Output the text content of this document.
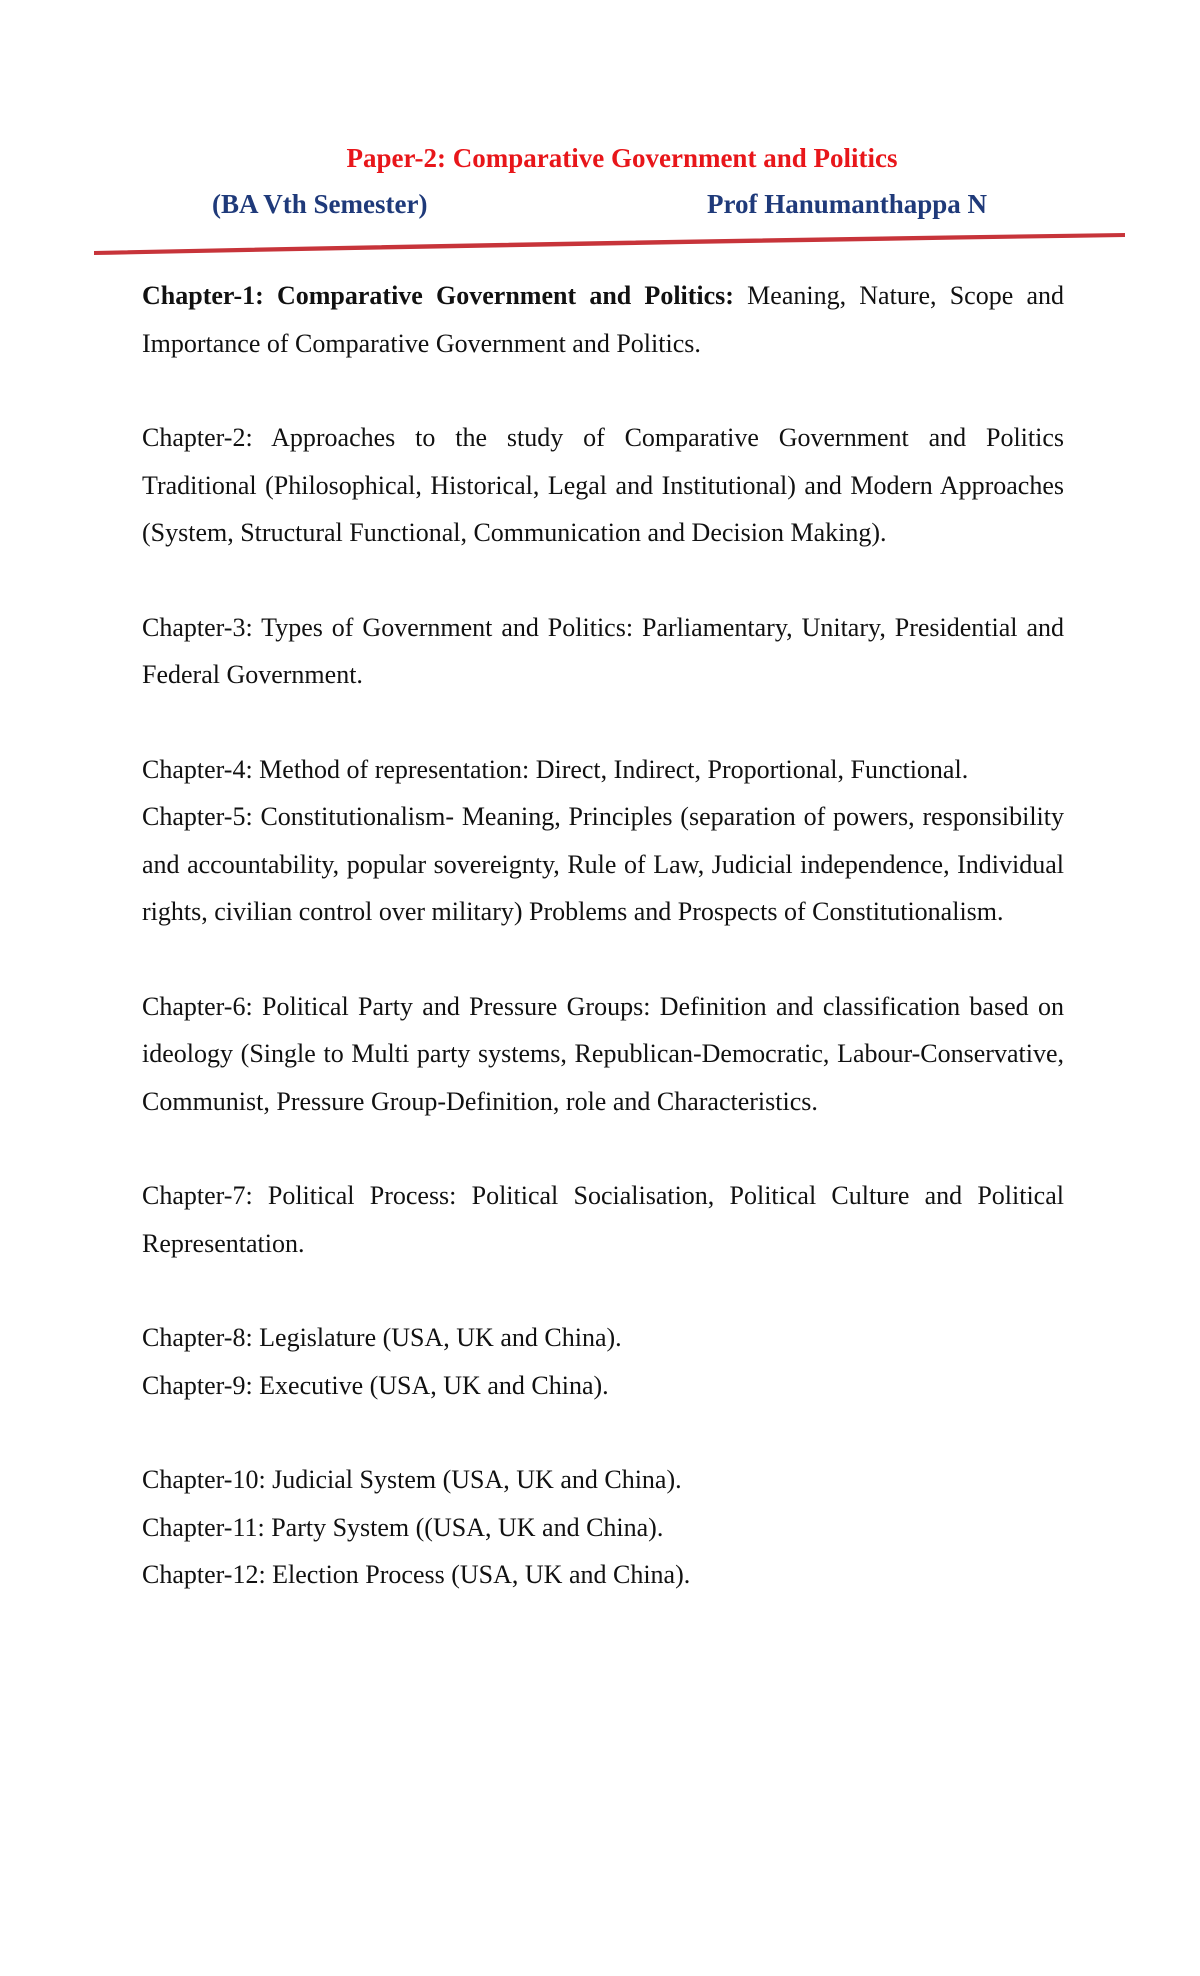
Paper-2: Comparative Government and Politics
(BA Vth Semester)	Prof Hanumanthappa N

Chapter-1: Comparative Government and Politics: Meaning, Nature, Scope and Importance of Comparative Government and Politics.

Chapter-2: Approaches to the study of Comparative Government and Politics Traditional (Philosophical, Historical, Legal and Institutional) and Modern Approaches (System, Structural Functional, Communication and Decision Making).

Chapter-3: Types of Government and Politics: Parliamentary, Unitary, Presidential and Federal Government.

Chapter-4: Method of representation: Direct, Indirect, Proportional, Functional.

Chapter-5: Constitutionalism- Meaning, Principles (separation of powers, responsibility and accountability, popular sovereignty, Rule of Law, Judicial independence, Individual rights, civilian control over military) Problems and Prospects of Constitutionalism.

Chapter-6: Political Party and Pressure Groups: Definition and classification based on ideology (Single to Multi party systems, Republican-Democratic, Labour-Conservative, Communist, Pressure Group-Definition, role and Characteristics.

Chapter-7: Political Process: Political Socialisation, Political Culture and Political Representation.

Chapter-8: Legislature (USA, UK and China).

Chapter-9: Executive (USA, UK and China).

Chapter-10: Judicial System (USA, UK and China).

Chapter-11: Party System ((USA, UK and China).

Chapter-12: Election Process (USA, UK and China).
